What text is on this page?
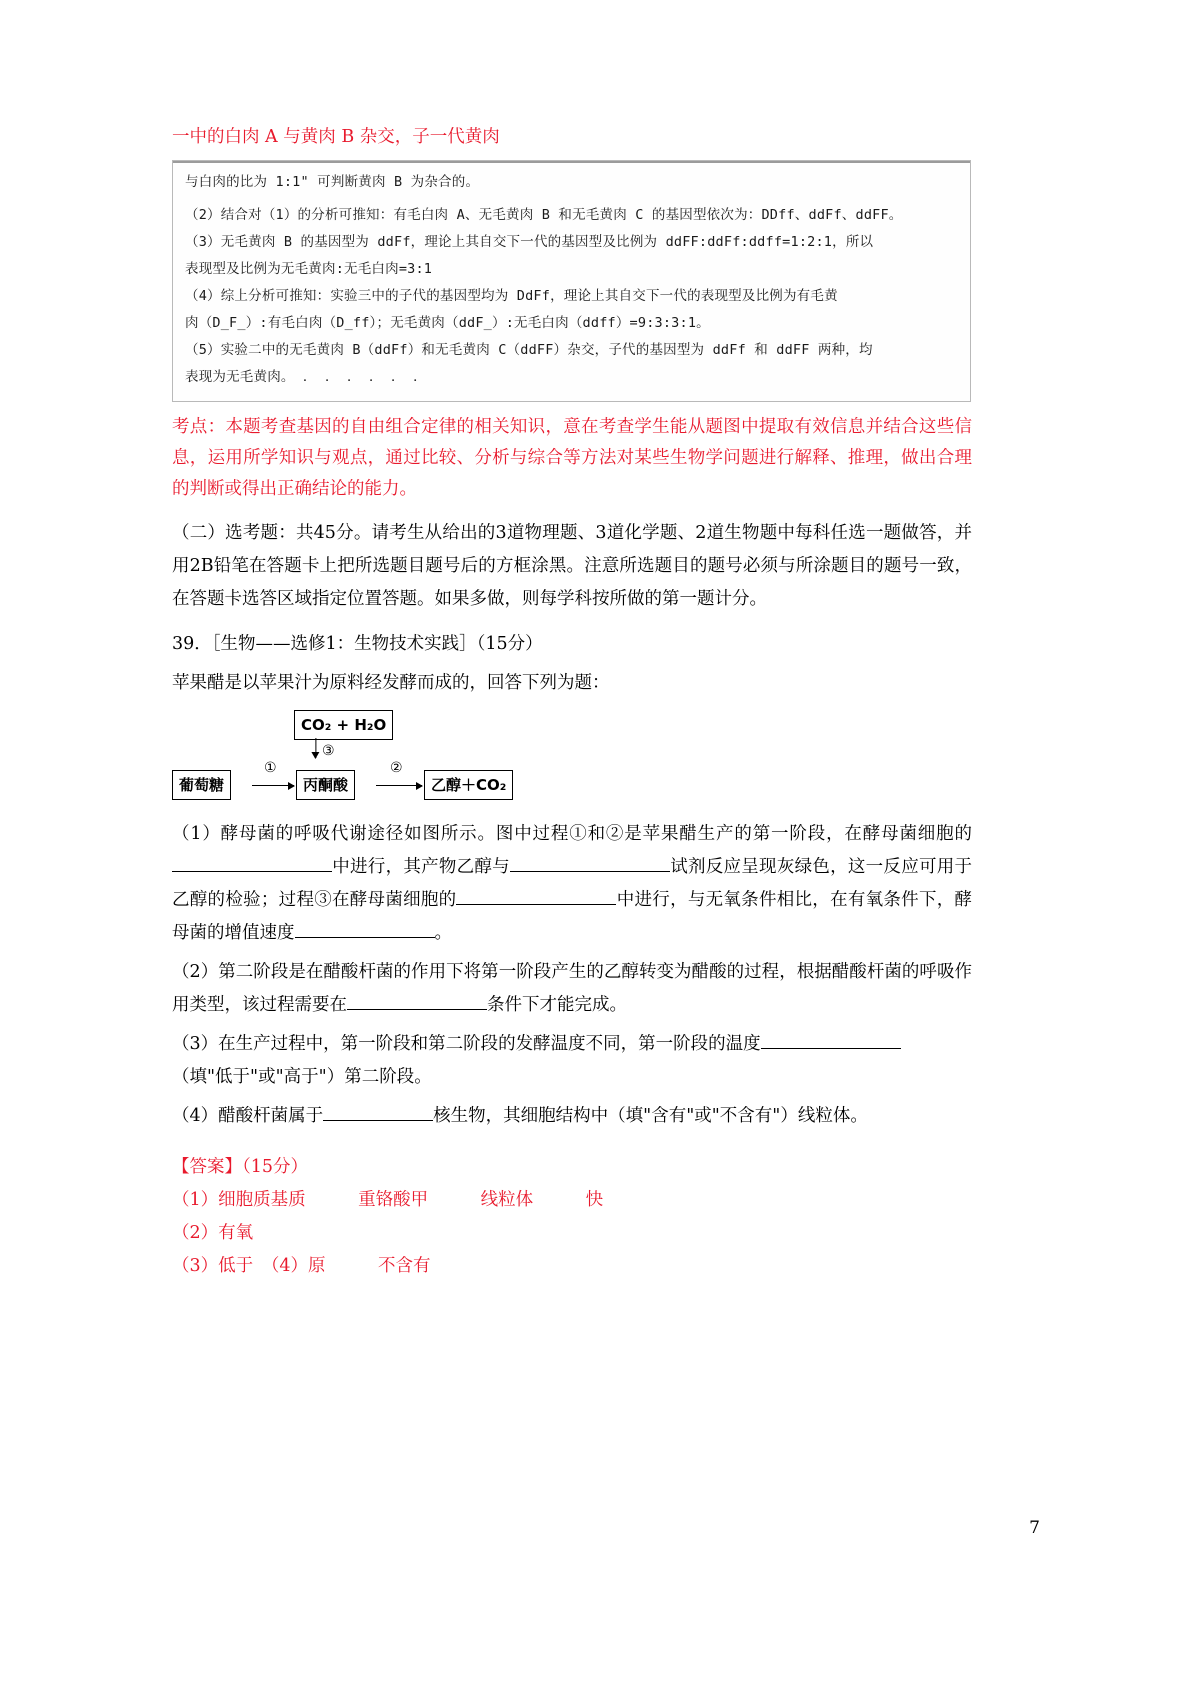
一中的白肉 A 与黄肉 B 杂交，子一代黄肉
与白肉的比为 1:1" 可判断黄肉 B 为杂合的。
（2）结合对（1）的分析可推知：有毛白肉 A、无毛黄肉 B 和无毛黄肉 C 的基因型依次为：DDff、ddFf、ddFF。
（3）无毛黄肉 B 的基因型为 ddFf，理论上其自交下一代的基因型及比例为 ddFF:ddFf:ddff=1:2:1，所以
表现型及比例为无毛黄肉:无毛白肉=3:1
（4）综上分析可推知：实验三中的子代的基因型均为 DdFf，理论上其自交下一代的表现型及比例为有毛黄
肉（D_F_）:有毛白肉（D_ff）；无毛黄肉（ddF_）:无毛白肉（ddff）=9:3:3:1。
（5）实验二中的无毛黄肉 B（ddFf）和无毛黄肉 C（ddFF）杂交，子代的基因型为 ddFf 和 ddFF 两种，均
表现为无毛黄肉。 ． ． ． ． ． ．
考点：本题考查基因的自由组合定律的相关知识，意在考查学生能从题图中提取有效信息并结合这些信息，运用所学知识与观点，通过比较、分析与综合等方法对某些生物学问题进行解释、推理，做出合理的判断或得出正确结论的能力。
（二）选考题：共45分。请考生从给出的3道物理题、3道化学题、2道生物题中每科任选一题做答，并用2B铅笔在答题卡上把所选题目题号后的方框涂黑。注意所选题目的题号必须与所涂题目的题号一致，在答题卡选答区域指定位置答题。如果多做，则每学科按所做的第一题计分。
39．［生物——选修1：生物技术实践］（15分）
苹果醋是以苹果汁为原料经发酵而成的，回答下列为题：
CO₂ + H₂O
③
葡萄糖
①
丙酮酸
②
乙醇＋CO₂
（1）酵母菌的呼吸代谢途径如图所示。图中过程①和②是苹果醋生产的第一阶段，在酵母菌细胞的中进行，其产物乙醇与	试剂反应呈现灰绿色，这一反应可用于乙醇的检验；过程③在酵母菌细胞的	中进行，与无氧条件相比，在有氧条件下，酵母菌的增值速度	。
（2）第二阶段是在醋酸杆菌的作用下将第一阶段产生的乙醇转变为醋酸的过程，根据醋酸杆菌的呼吸作用类型，该过程需要在	条件下才能完成。
（3）在生产过程中，第一阶段和第二阶段的发酵温度不同，第一阶段的温度
（填"低于"或"高于"）第二阶段。
（4）醋酸杆菌属于	核生物，其细胞结构中（填"含有"或"不含有"）线粒体。
【答案】（15分）
（1）细胞质基质　　　重铬酸甲　　　线粒体　　　快
（2）有氧
（3）低于　（4）原　　　不含有
7
